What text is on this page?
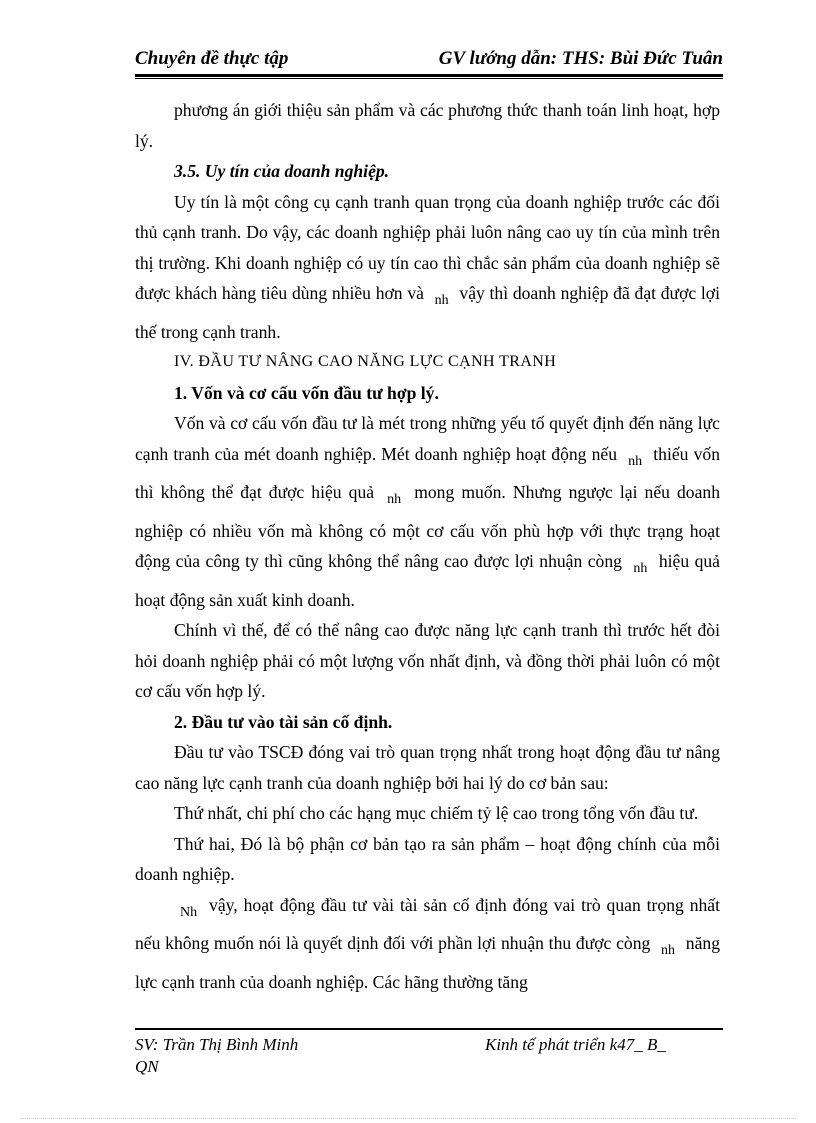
Chuyên đề thực tập	GV lướng dẫn: THS: Bùi Đức Tuân

phương án giới thiệu sản phẩm và các phương thức thanh toán linh hoạt, hợp lý.

3.5. Uy tín của doanh nghiệp.

Uy tín là một công cụ cạnh tranh quan trọng của doanh nghiệp trước các đối thủ cạnh tranh. Do vậy, các doanh nghiệp phải luôn nâng cao uy tín của mình trên thị trường. Khi doanh nghiệp có uy tín cao thì chắc sản phẩm của doanh nghiệp sẽ được khách hàng tiêu dùng nhiều hơn và $_{nh}$ vậy thì doanh nghiệp đã đạt được lợi thế trong cạnh tranh.

IV. ĐẦU TƯ NÂNG CAO NĂNG LỰC CẠNH TRANH

1. Vốn và cơ cấu vốn đầu tư hợp lý.

Vốn và cơ cấu vốn đầu tư là mét trong những yếu tố quyết định đến năng lực cạnh tranh của mét doanh nghiệp. Mét doanh nghiệp hoạt động nếu $_{nh}$ thiếu vốn thì không thể đạt được hiệu quả $_{nh}$ mong muốn. Nhưng ngược lại nếu doanh nghiệp có nhiều vốn mà không có một cơ cấu vốn phù hợp với thực trạng hoạt động của công ty thì cũng không thể nâng cao được lợi nhuận còng $_{nh}$ hiệu quả hoạt động sản xuất kinh doanh.

Chính vì thế, để có thể nâng cao được năng lực cạnh tranh thì trước hết đòi hỏi doanh nghiệp phải có một lượng vốn nhất định, và đồng thời phải luôn có một cơ cấu vốn hợp lý.

2. Đầu tư vào tài sản cố định.

Đầu tư vào TSCĐ đóng vai trò quan trọng nhất trong hoạt động đầu tư nâng cao năng lực cạnh tranh của doanh nghiệp bởi hai lý do cơ bản sau:

Thứ nhất, chi phí cho các hạng mục chiếm tỷ lệ cao trong tổng vốn đầu tư.

Thứ hai, Đó là bộ phận cơ bản tạo ra sản phẩm – hoạt động chính của mỗi doanh nghiệp.

$_{Nh}$ vậy, hoạt động đầu tư vài tài sản cố định đóng vai trò quan trọng nhất nếu không muốn nói là quyết dịnh đối với phần lợi nhuận thu được còng $_{nh}$ năng lực cạnh tranh của doanh nghiệp. Các hãng thường tăng

SV: Trần Thị Bình Minh
QN
Kinh tế phát triển k47_ B_
